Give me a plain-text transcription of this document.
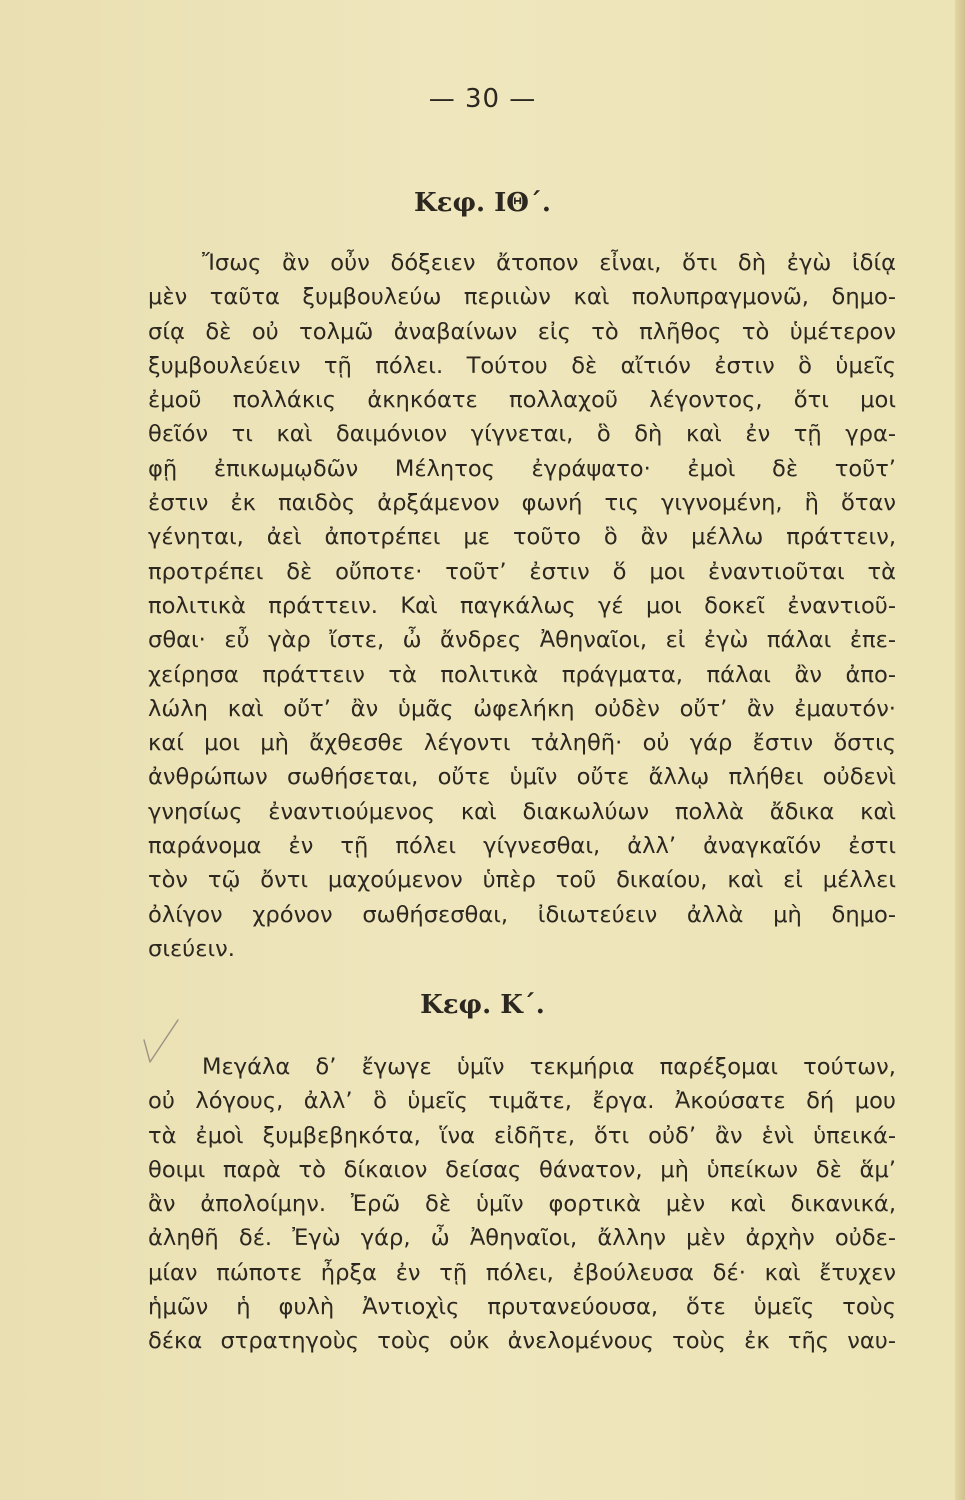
— 30 —
Κεφ. ΙΘ΄.
Ἴσως ἂν οὖν δόξειεν ἄτοπον εἶναι, ὅτι δὴ ἐγὼ ἰδίᾳ
μὲν ταῦτα ξυμβουλεύω περιιὼν καὶ πολυπραγμονῶ, δημο-
σίᾳ δὲ οὐ τολμῶ ἀναβαίνων εἰς τὸ πλῆθος τὸ ὑμέτερον
ξυμβουλεύειν τῇ πόλει. Τούτου δὲ αἴτιόν ἐστιν ὃ ὑμεῖς
ἐμοῦ πολλάκις ἀκηκόατε πολλαχοῦ λέγοντος, ὅτι μοι
θεῖόν τι καὶ δαιμόνιον γίγνεται, ὃ δὴ καὶ ἐν τῇ γρα-
φῇ ἐπικωμῳδῶν Μέλητος ἐγράψατο· ἐμοὶ δὲ τοῦτ’
ἐστιν ἐκ παιδὸς ἀρξάμενον φωνή τις γιγνομένη, ἣ ὅταν
γένηται, ἀεὶ ἀποτρέπει με τοῦτο ὃ ἂν μέλλω πράττειν,
προτρέπει δὲ οὔποτε· τοῦτ’ ἐστιν ὅ μοι ἐναντιοῦται τὰ
πολιτικὰ πράττειν. Καὶ παγκάλως γέ μοι δοκεῖ ἐναντιοῦ-
σθαι· εὖ γὰρ ἴστε, ὦ ἄνδρες Ἀθηναῖοι, εἰ ἐγὼ πάλαι ἐπε-
χείρησα πράττειν τὰ πολιτικὰ πράγματα, πάλαι ἂν ἀπο-
λώλη καὶ οὔτ’ ἂν ὑμᾶς ὠφελήκη οὐδὲν οὔτ’ ἂν ἐμαυτόν·
καί μοι μὴ ἄχθεσθε λέγοντι τἀληθῆ· οὐ γάρ ἔστιν ὅστις
ἀνθρώπων σωθήσεται, οὔτε ὑμῖν οὔτε ἄλλῳ πλήθει οὐδενὶ
γνησίως ἐναντιούμενος καὶ διακωλύων πολλὰ ἄδικα καὶ
παράνομα ἐν τῇ πόλει γίγνεσθαι, ἀλλ’ ἀναγκαῖόν ἐστι
τὸν τῷ ὄντι μαχούμενον ὑπὲρ τοῦ δικαίου, καὶ εἰ μέλλει
ὀλίγον χρόνον σωθήσεσθαι, ἰδιωτεύειν ἀλλὰ μὴ δημο-
σιεύειν.
Κεφ. Κ΄.
Μεγάλα δ’ ἔγωγε ὑμῖν τεκμήρια παρέξομαι τούτων,
οὐ λόγους, ἀλλ’ ὃ ὑμεῖς τιμᾶτε, ἔργα. Ἀκούσατε δή μου
τὰ ἐμοὶ ξυμβεβηκότα, ἵνα εἰδῆτε, ὅτι οὐδ’ ἂν ἑνὶ ὑπεικά-
θοιμι παρὰ τὸ δίκαιον δείσας θάνατον, μὴ ὑπείκων δὲ ἅμ’
ἂν ἀπολοίμην. Ἐρῶ δὲ ὑμῖν φορτικὰ μὲν καὶ δικανικά,
ἀληθῆ δέ. Ἐγὼ γάρ, ὦ Ἀθηναῖοι, ἄλλην μὲν ἀρχὴν οὐδε-
μίαν πώποτε ἦρξα ἐν τῇ πόλει, ἐβούλευσα δέ· καὶ ἔτυχεν
ἡμῶν ἡ φυλὴ Ἀντιοχὶς πρυτανεύουσα, ὅτε ὑμεῖς τοὺς
δέκα στρατηγοὺς τοὺς οὐκ ἀνελομένους τοὺς ἐκ τῆς ναυ-
